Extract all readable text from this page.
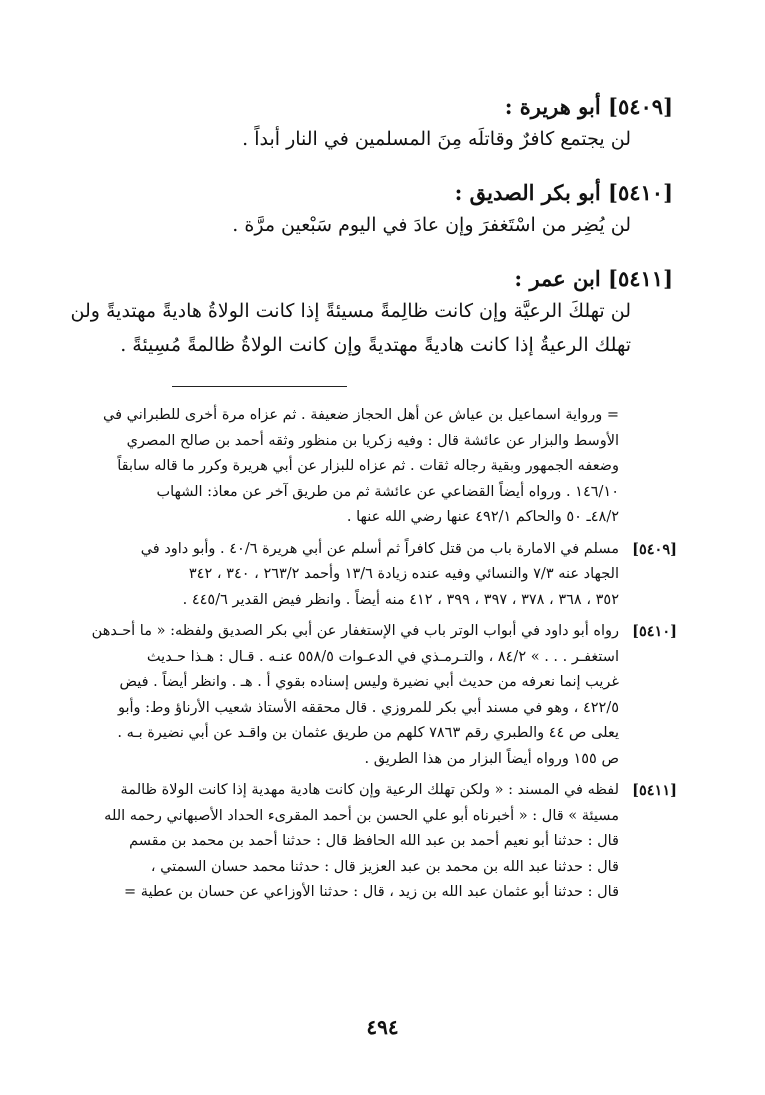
[٥٤٠٩] أبو هريرة :
لن يجتمع كافرٌ وقاتلَه مِنَ المسلمين في النار أبداً .
[٥٤١٠] أبو بكر الصديق :
لن يُضِر من اسْتَغفرَ وإن عادَ في اليوم سَبْعين مرَّة .
[٥٤١١] ابن عمر :
لن تهلكَ الرعيَّة وإن كانت ظالِمةً مسيئةً إذا كانت الولاةُ هاديةً مهتديةً ولن
تهلك الرعيةُ إذا كانت هاديةً مهتديةً وإن كانت الولاةُ ظالمةً مُسِيئةً .
= ورواية اسماعيل بن عياش عن أهل الحجاز ضعيفة . ثم عزاه مرة أخرى للطبراني في
الأوسط والبزار عن عائشة قال : وفيه زكريا بن منظور وثقه أحمد بن صالح المصري
وضعفه الجمهور وبقية رجاله ثقات . ثم عزاه للبزار عن أبي هريرة وكرر ما قاله سابقاً
١٤٦/١٠ . ورواه أيضاً القضاعي عن عائشة ثم من طريق آخر عن معاذ: الشهاب
٤٨/٢ـ ٥٠ والحاكم ٤٩٢/١ عنها رضي الله عنها .
[٥٤٠٩]
مسلم في الامارة باب من قتل كافراً ثم أسلم عن أبي هريرة ٤٠/٦ . وأبو داود في
الجهاد عنه ٧/٣ والنسائي وفيه عنده زيادة ١٣/٦ وأحمد ٢٦٣/٢ ، ٣٤٠ ، ٣٤٢
٣٥٢ ، ٣٦٨ ، ٣٧٨ ، ٣٩٧ ، ٣٩٩ ، ٤١٢ منه أيضاً . وانظر فيض القدير ٤٤٥/٦ .
[٥٤١٠]
رواه أبو داود في أبواب الوتر باب في الإستغفار عن أبي بكر الصديق ولفظه: « ما أحـدهن
استغفـر . . . » ٨٤/٢ ، والتـرمـذي في الدعـوات ٥٥٨/٥ عنـه . قـال : هـذا حـديث
غريب إنما نعرفه من حديث أبي نضيرة وليس إسناده بقوي أ . هـ . وانظر أيضاً . فيض
٤٢٢/٥ ، وهو في مسند أبي بكر للمروزي . قال محققه الأستاذ شعيب الأرناؤ وط: وأبو
يعلى ص ٤٤ والطبري رقم ٧٨٦٣ كلهم من طريق عثمان بن واقـد عن أبي نضيرة بـه .
ص ١٥٥ ورواه أيضاً البزار من هذا الطريق .
[٥٤١١]
لفظه في المسند : « ولكن تهلك الرعية وإن كانت هادية مهدية إذا كانت الولاة ظالمة
مسيئة » قال : « أخبرناه أبو علي الحسن بن أحمد المقرىء الحداد الأصبهاني رحمه الله
قال : حدثنا أبو نعيم أحمد بن عبد الله الحافظ قال : حدثنا أحمد بن محمد بن مقسم
قال : حدثنا عبد الله بن محمد بن عبد العزيز قال : حدثنا محمد حسان السمتي ،
قال : حدثنا أبو عثمان عبد الله بن زيد ، قال : حدثنا الأوزاعي عن حسان بن عطية =
٤٩٤
